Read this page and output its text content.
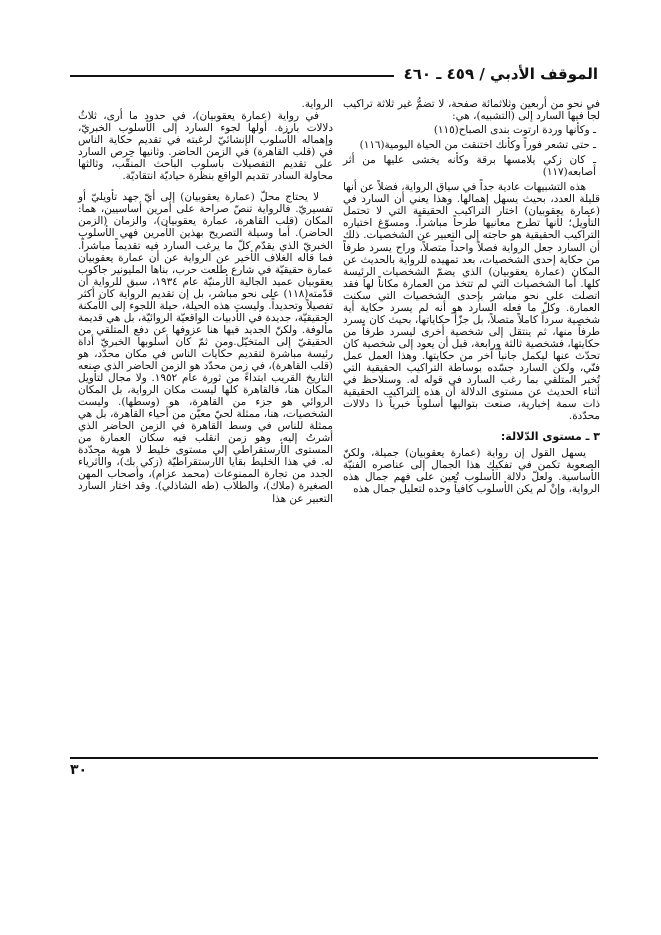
الموقف الأدبي / ٤٥٩ ـ ٤٦٠

في نحو من أربعين وثلاثمائة صفحة، لا تضمُّ غير ثلاثة تراكيب لجأ فيها السارد إلى (التشبيه)، هي:

ـ وكأنها وردة ارتوت بندى الصباح(١١٥)
ـ حتى تشعر فوراً وكأنك اختنقت من الحياة اليومية(١١٦)
ـ كان زكي يلامسها برقة وكأنه يخشى عليها من أثر أصابعه(١١٧)

هذه التشبيهات عادية جداً في سياق الرواية، فضلاً عن أنها قليلة العدد، بحيث يسهل إهمالها. وهذا يعني أن السارد في (عمارة يعقوبيان) اختار التراكيب الحقيقية التي لا تحتمل التأويل؛ لأنها تطرح معانيها طرحاً مباشراً. ومسوّغ اختياره التراكيب الحقيقية هو حاجته إلى التعبير عن الشخصيات. ذلك أن السارد جعل الرواية فصلاً واحداً متصلاً، وراح يسرد طرفاً من حكاية إحدى الشخصيات، بعد تمهيده للرواية بالحديث عن المكان (عمارة يعقوبيان) الذي يضمّ الشخصيات الرئيسة كلها. أما الشخصيات التي لم تتخذ من العمارة مكاناً لها فقد اتصلت على نحو مباشر بإحدى الشخصيات التي سكنت العمارة. وكلّ ما فعله السارد هو أنه لم يسرد حكاية أية شخصية سرداً كاملاً متصلاً، بل جزّأ حكاياتها، بحيث كان يسرد طرفاً منها، ثم ينتقل إلى شخصية أخرى ليسرد طرفاً من حكايتها، فشخصية ثالثة ورابعة، قبل أن يعود إلى شخصية كان تحدّث عنها ليكمل جانباً آخر من حكايتها. وهذا العمل عمل فنّي، ولكن السارد جسّده بوساطة التراكيب الحقيقية التي تُخبر المتلقي بما رغب السارد في قوله له. وسنلاحظ في أثناء الحديث عن مستوى الدلالة أن هذه التراكيب الحقيقية ذات سمة إخبارية، صنعت بتواليها أسلوباً خبرياً ذا دلالات محدّدة.

٣ ـ مستوى الدّلالة:

يسهل القول إن رواية (عمارة يعقوبيان) جميلة، ولكنّ الصعوبة تكمن في تفكيك هذا الجمال إلى عناصره الفنيّة الأساسية. ولعلّ دلالة الأسلوب تُعين على فهم جمال هذه الرواية، وإنْ لم يكن الأسلوب كافياً وحده لتعليل جمال هذه

الرواية.

في رواية (عمارة يعقوبيان)، في حدود ما أرى، ثلاثُ دلالات بارزة. أولها لجوء السارد إلى الأسلوب الخبريّ، وإهماله الأسلوب الإنشائيّ لرغبته في تقديم حكاية الناس في (قلب القاهرة) في الزمن الحاضر. وثانيها حِرص السارد على تقديم التفصيلات بأسلوب الباحث المنقّب، وثالثها محاولة السادر تقديم الواقع بنظرة حياديّة انتقاديّة.

لا يحتاج محلّ (عمارة يعقوبيان) إلى أيّ جهد تأويليّ أو تفسيريّ. فالرواية تنصّ صراحة على أمرين أساسيين، هما: المكان (قلب القاهرة، عمارة يعقوبيان)، والزمان (الزمن الحاضر). أما وسيلة التصريح بهذين الأمرين فهي الأسلوب الخبريّ الذي يقدّم كلّ ما يرغب السارد فيه تقديماً مباشراً. فما قاله الغلاف الأخير عن الرواية عن أن عمارة يعقوبيان عمارة حقيقيّة في شارع طلعت حرب، بناها المليونير جاكوب يعقوبيان عميد الجالية الأرمنيّة عام ١٩٣٤، سبق للرواية أن قدّمته(١١٨) على نحو مباشر، بل إن تقديم الرواية كان أكثر تفصيلاً وتحديداً. وليست هذه الحيلة، حيلة اللجوء إلى الأمكنة الحقيقيّة، جديدة في الأدبيات الواقعيّة الروائيّة، بل هي قديمة مألوفة. ولكنّ الجديد فيها هنا عزوفها عن دفع المتلقي من الحقيقيّ إلى المتخيّل.ومن ثمّ كان أسلوبها الخبريّ أداة رئيسة مباشرة لتقديم حكايات الناس في مكان محدّد، هو (قلب القاهرة)، في زمن محدّد هو الزمن الحاضر الذي صنعه التاريخ القريب ابتداءً من ثورة عام ١٩٥٢. ولا مجال لتأويل المكان هنا، فالقاهرة كلها ليست مكان الرواية، بل المكان الروائي هو جزء من القاهرة، هو (وسطها). وليست الشخصيات، هنا، ممثلة لحيّ معيّن من أحياء القاهرة، بل هي ممثلة للناس في وسط القاهرة في الزمن الحاضر الذي أشرتُ إليه، وهو زمن انقلب فيه سكان العمارة من المستوى الأرستقراطي إلى مستوى خليط لا هوية محدّدة له. في هذا الخليط بقايا الأرستقراطيّة (زكي بك)، والأثرياء الجدد من تجارة الممنوعات (محمد عزام)، وأصحاب المهن الصغيرة (ملاك)، والطلاب (طه الشاذلي). وقد اختار السارد التعبير عن هذا

٣٠
